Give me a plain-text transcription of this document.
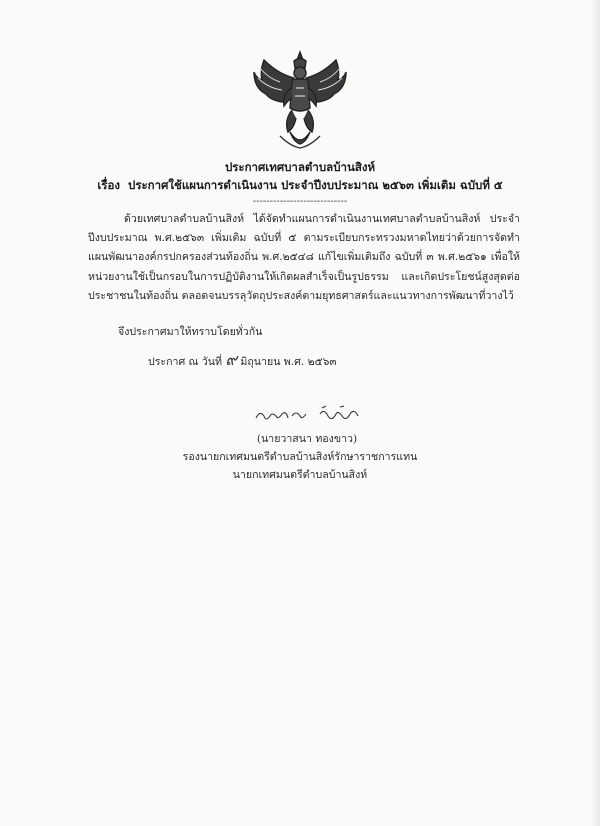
ประกาศเทศบาลตำบลบ้านสิงห์
เรื่อง ประกาศใช้แผนการดำเนินงาน ประจำปีงบประมาณ ๒๕๖๓ เพิ่มเติม ฉบับที่ ๕
----------------------------
ด้วยเทศบาลตำบลบ้านสิงห์ ได้จัดทำแผนการดำเนินงานเทศบาลตำบลบ้านสิงห์ ประจำปีงบประมาณ พ.ศ.๒๕๖๓ เพิ่มเติม ฉบับที่ ๕ ตามระเบียบกระทรวงมหาดไทยว่าด้วยการจัดทำแผนพัฒนาองค์กรปกครองส่วนท้องถิ่น พ.ศ.๒๕๔๘ แก้ไขเพิ่มเติมถึง ฉบับที่ ๓ พ.ศ.๒๕๖๑ เพื่อให้หน่วยงานใช้เป็นกรอบในการปฏิบัติงานให้เกิดผลสำเร็จเป็นรูปธรรม และเกิดประโยชน์สูงสุดต่อประชาชนในท้องถิ่น ตลอดจนบรรลุวัตถุประสงค์ตามยุทธศาสตร์และแนวทางการพัฒนาที่วางไว้
จึงประกาศมาให้ทราบโดยทั่วกัน
ประกาศ ณ วันที่ ๙ มิถุนายน พ.ศ. ๒๕๖๓
(นายวาสนา ทองขาว)
รองนายกเทศมนตรีตำบลบ้านสิงห์รักษาราชการแทน
นายกเทศมนตรีตำบลบ้านสิงห์
